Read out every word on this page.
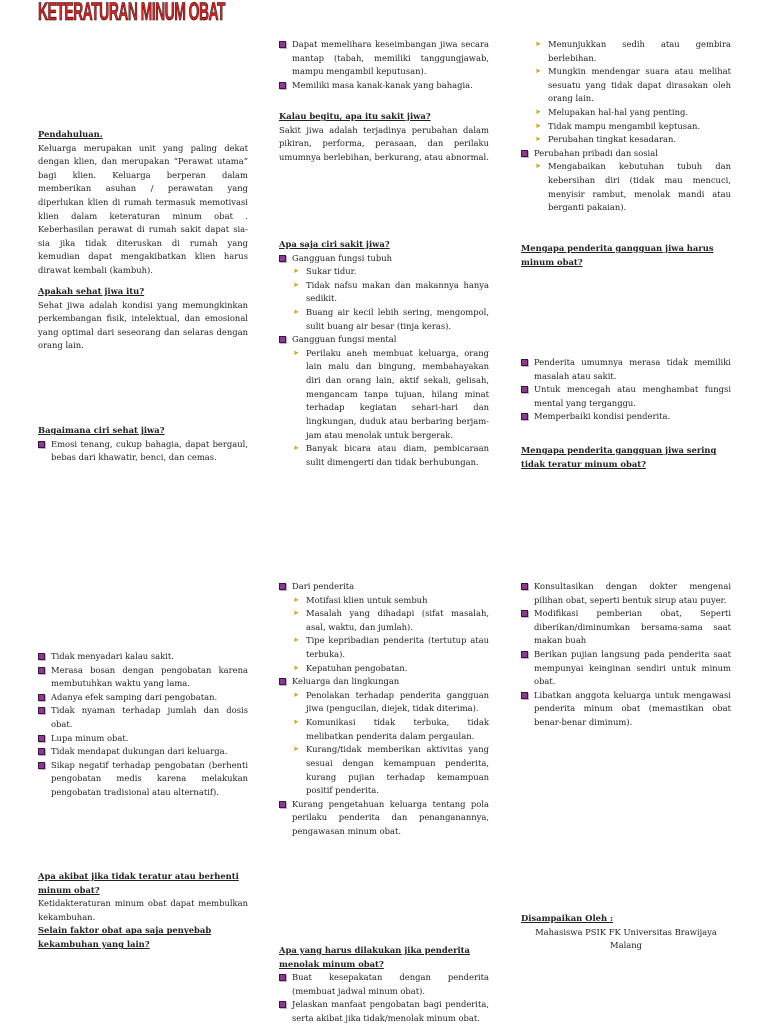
KETERATURAN MINUM OBAT

Pendahuluan.

Keluarga merupakan unit yang paling dekat dengan klien, dan merupakan ”Perawat utama” bagi klien. Keluarga berperan dalam memberikan asuhan / perawatan yang diperlukan klien di rumah termasuk memotivasi klien dalam keteraturan minum obat . Keberhasilan perawat di rumah sakit dapat sia-sia jika tidak diteruskan di rumah yang kemudian dapat mengakibatkan klien harus dirawat kembali (kambuh).

Apakah sehat jiwa itu?

Sehat jiwa adalah kondisi yang memungkinkan perkembangan fisik, intelektual, dan emosional yang optimal dari seseorang dan selaras dengan orang lain.

Bagaimana ciri sehat jiwa?

Emosi tenang, cukup bahagia, dapat bergaul, bebas dari khawatir, benci, dan cemas.
Dapat memelihara keseimbangan jiwa secara mantap (tabah, memiliki tanggungjawab, mampu mengambil keputusan).
Memiliki masa kanak-kanak yang bahagia.

Kalau begitu, apa itu sakit jiwa?

Sakit jiwa adalah terjadinya perubahan dalam pikiran, performa, perasaan, dan perilaku umumnya berlebihan, berkurang, atau abnormal.

Apa saja ciri sakit jiwa?

Gangguan fungsi tubuh
➤ Sukar tidur.
➤ Tidak nafsu makan dan makannya hanya sedikit.
➤ Buang air kecil lebih sering, mengompol, sulit buang air besar (tinja keras).
Gangguan fungsi mental
➤ Perilaku aneh membuat keluarga, orang lain malu dan bingung, membahayakan diri dan orang lain, aktif sekali, gelisah, mengancam tanpa tujuan, hilang minat terhadap kegiatan sehari-hari dan lingkungan, duduk atau berbaring berjam-jam atau menolak untuk bergerak.
➤ Banyak bicara atau diam, pembicaraan sulit dimengerti dan tidak berhubungan.
➤ Menunjukkan sedih atau gembira berlebihan.
➤ Mungkin mendengar suara atau melihat sesuatu yang tidak dapat dirasakan oleh orang lain.
➤ Melupakan hal-hal yang penting.
➤ Tidak mampu mengambil keptusan.
➤ Perubahan tingkat kesadaran.
Perubahan pribadi dan sosial
➤ Mengabaikan kebutuhan tubuh dan kebersihan diri (tidak mau mencuci, menyisir rambut, menolak mandi atau berganti pakaian).

Mengapa penderita gangguan jiwa harus minum obat?

Penderita umumnya merasa tidak memiliki masalah atau sakit.
Untuk mencegah atau menghambat fungsi mental yang terganggu.
Memperbaiki kondisi penderita.

Mengapa penderita gangguan jiwa sering tidak teratur minum obat?

Tidak menyadari kalau sakit.
Merasa bosan dengan pengobatan karena membutuhkan waktu yang lama.
Adanya efek samping dari pengobatan.
Tidak nyaman terhadap jumlah dan dosis obat.
Lupa minum obat.
Tidak mendapat dukungan dari keluarga.
Sikap negatif terhadap pengobatan (berhenti pengobatan medis karena melakukan pengobatan tradisional atau alternatif).

Apa akibat jika tidak teratur atau berhenti minum obat?

Ketidakteraturan minum obat dapat membulkan kekambuhan.

Selain faktor obat apa saja penyebab kekambuhan yang lain?

Dari penderita
➤ Motifasi klien untuk sembuh
➤ Masalah yang dihadapi (sifat masalah, asal, waktu, dan jumlah).
➤ Tipe kepribadian penderita (tertutup atau terbuka).
➤ Kepatuhan pengobatan.
Keluarga dan lingkungan
➤ Penolakan terhadap penderita gangguan jiwa (pengucilan, diejek, tidak diterima).
➤ Komunikasi tidak terbuka, tidak melibatkan penderita dalam pergaulan.
➤ Kurang/tidak memberikan aktivitas yang sesuai dengan kemampuan penderita, kurang pujian terhadap kemampuan positif penderita.
Kurang pengetahuan keluarga tentang pola perilaku penderita dan penanganannya, pengawasan minum obat.

Apa yang harus dilakukan jika penderita menolak minum obat?

Buat kesepakatan dengan penderita (membuat jadwal minum obat).
Jelaskan manfaat pengobatan bagi penderita, serta akibat jika tidak/menolak minum obat.
Konsultasikan dengan dokter mengenai pilihan obat, seperti bentuk sirup atau puyer.
Modifikasi pemberian obat, Seperti diberikan/diminumkan bersama-sama saat makan buah
Berikan pujian langsung pada penderita saat mempunyai keinginan sendiri untuk minum obat.
Libatkan anggota keluarga untuk mengawasi penderita minum obat (memastikan obat benar-benar diminum).

Disampaikan Oleh :

Mahasiswa PSIK FK Universitas Brawijaya Malang
